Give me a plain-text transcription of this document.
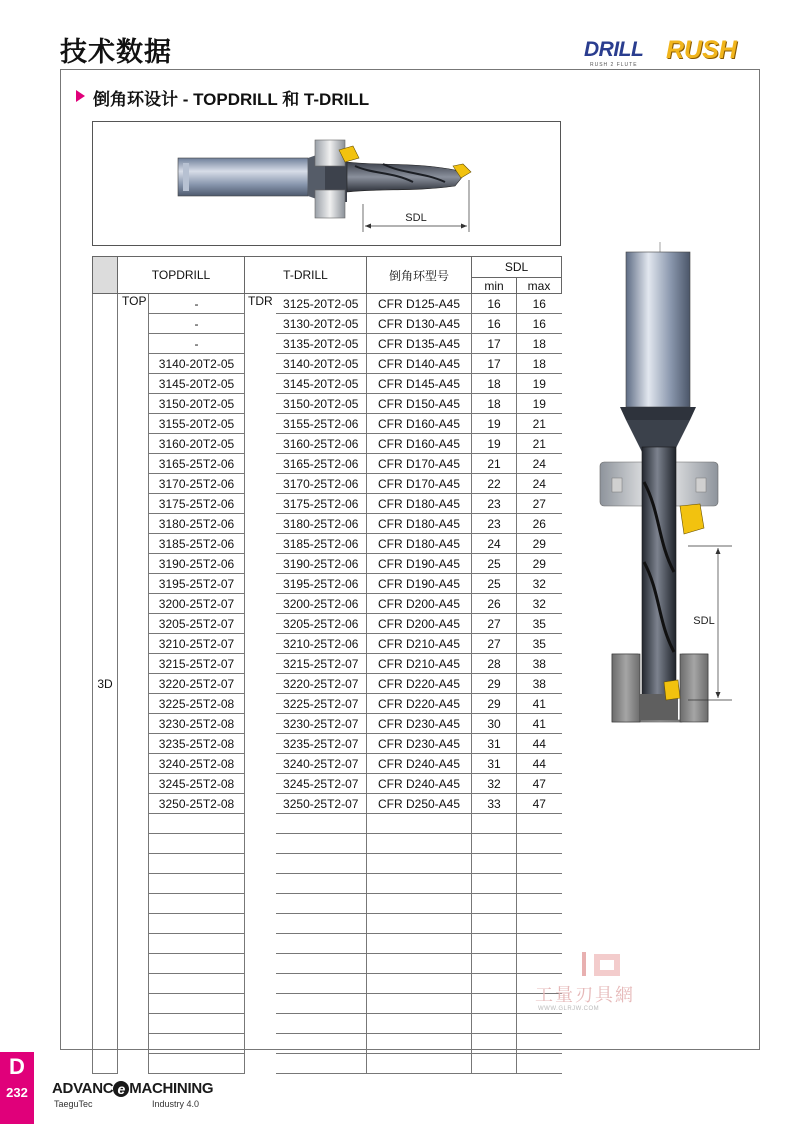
技术数据	DRILL RUSH
RUSH 2 FLUTE
倒角环设计 - TOPDRILL 和 T-DRILL
SDL
	TOPDRILL		T-DRILL		倒角环型号	SDL	
						min	max
3D	TOP	-	TDR	3125-20T2-05	CFR D125-A45	16	16
		-		3130-20T2-05	CFR D130-A45	16	16
		-		3135-20T2-05	CFR D135-A45	17	18
		3140-20T2-05		3140-20T2-05	CFR D140-A45	17	18
		3145-20T2-05		3145-20T2-05	CFR D145-A45	18	19
		3150-20T2-05		3150-20T2-05	CFR D150-A45	18	19
		3155-20T2-05		3155-25T2-06	CFR D160-A45	19	21
		3160-20T2-05		3160-25T2-06	CFR D160-A45	19	21
		3165-25T2-06		3165-25T2-06	CFR D170-A45	21	24
		3170-25T2-06		3170-25T2-06	CFR D170-A45	22	24
		3175-25T2-06		3175-25T2-06	CFR D180-A45	23	27
		3180-25T2-06		3180-25T2-06	CFR D180-A45	23	26
		3185-25T2-06		3185-25T2-06	CFR D180-A45	24	29
		3190-25T2-06		3190-25T2-06	CFR D190-A45	25	29
		3195-25T2-07		3195-25T2-06	CFR D190-A45	25	32
		3200-25T2-07		3200-25T2-06	CFR D200-A45	26	32
		3205-25T2-07		3205-25T2-06	CFR D200-A45	27	35
		3210-25T2-07		3210-25T2-06	CFR D210-A45	27	35
		3215-25T2-07		3215-25T2-07	CFR D210-A45	28	38
		3220-25T2-07		3220-25T2-07	CFR D220-A45	29	38
		3225-25T2-08		3225-25T2-07	CFR D220-A45	29	41
		3230-25T2-08		3230-25T2-07	CFR D230-A45	30	41
		3235-25T2-08		3235-25T2-07	CFR D230-A45	31	44
		3240-25T2-08		3240-25T2-07	CFR D240-A45	31	44
		3245-25T2-08		3245-25T2-07	CFR D240-A45	32	47
		3250-25T2-08		3250-25T2-07	CFR D250-A45	33	47

SDL
工量刃具網
WWW.GLRJW.COM
D
232	ADVANC e MACHINING
TaeguTec	Industry 4.0
